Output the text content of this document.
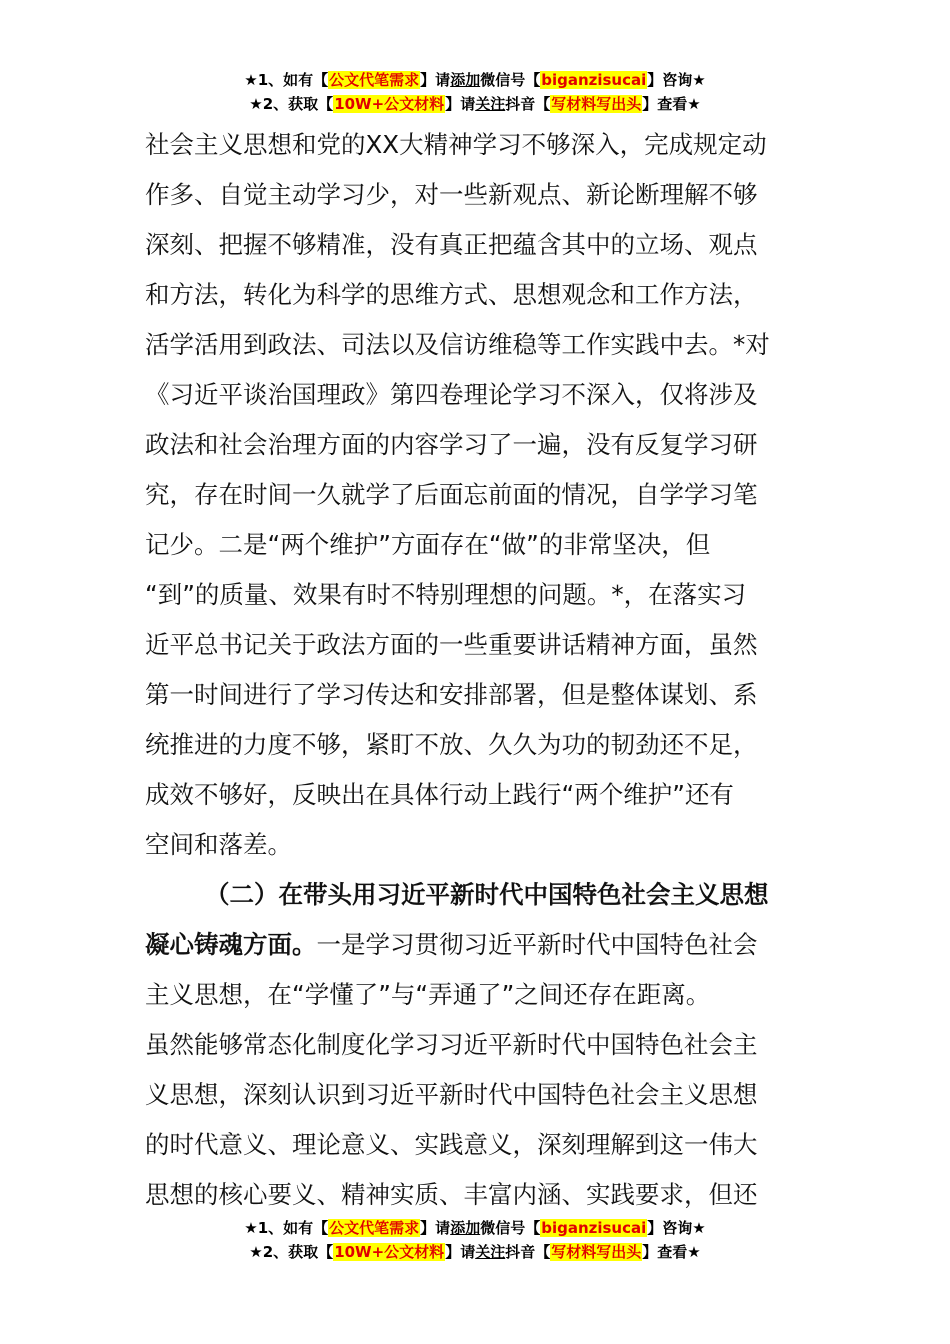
★1、如有【公文代笔需求】请添加微信号【biganzisucai】咨询★
★2、获取【10W+公文材料】请关注抖音【写材料写出头】查看★
社会主义思想和党的XX大精神学习不够深入，完成规定动
作多、自觉主动学习少，对一些新观点、新论断理解不够
深刻、把握不够精准，没有真正把蕴含其中的立场、观点
和方法，转化为科学的思维方式、思想观念和工作方法，
活学活用到政法、司法以及信访维稳等工作实践中去。*对
《习近平谈治国理政》第四卷理论学习不深入，仅将涉及
政法和社会治理方面的内容学习了一遍，没有反复学习研
究，存在时间一久就学了后面忘前面的情况，自学学习笔
记少。二是“两个维护”方面存在“做”的非常坚决，但
“到”的质量、效果有时不特别理想的问题。*，在落实习
近平总书记关于政法方面的一些重要讲话精神方面，虽然
第一时间进行了学习传达和安排部署，但是整体谋划、系
统推进的力度不够，紧盯不放、久久为功的韧劲还不足，
成效不够好，反映出在具体行动上践行“两个维护”还有
空间和落差。
（二）在带头用习近平新时代中国特色社会主义思想
凝心铸魂方面。一是学习贯彻习近平新时代中国特色社会
主义思想，在“学懂了”与“弄通了”之间还存在距离。
虽然能够常态化制度化学习习近平新时代中国特色社会主
义思想，深刻认识到习近平新时代中国特色社会主义思想
的时代意义、理论意义、实践意义，深刻理解到这一伟大
思想的核心要义、精神实质、丰富内涵、实践要求，但还
★1、如有【公文代笔需求】请添加微信号【biganzisucai】咨询★
★2、获取【10W+公文材料】请关注抖音【写材料写出头】查看★
